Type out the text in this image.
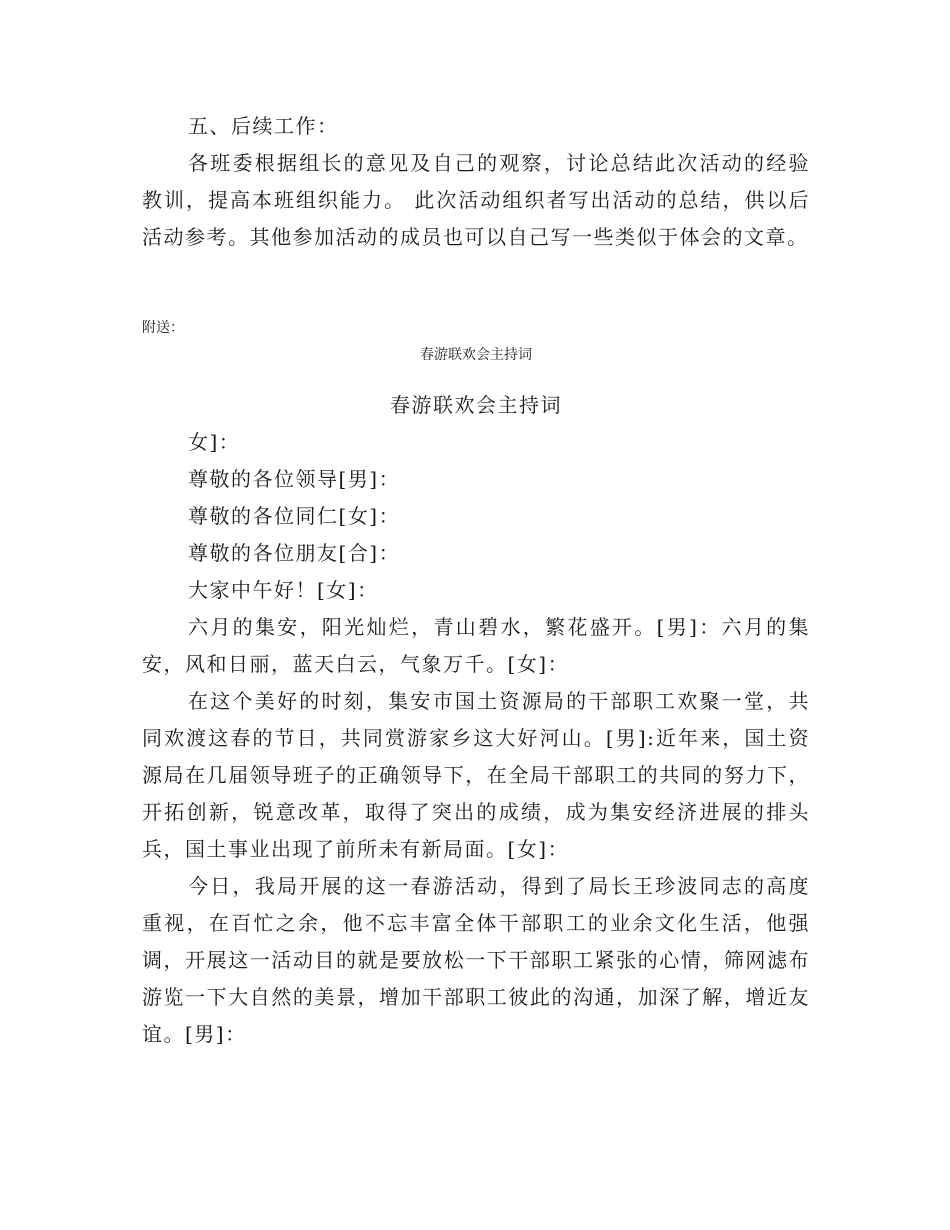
五、后续工作：

各班委根据组长的意见及自己的观察，讨论总结此次活动的经验教训，提高本班组织能力。 此次活动组织者写出活动的总结，供以后活动参考。其他参加活动的成员也可以自己写一些类似于体会的文章。

附送：

春游联欢会主持词

春游联欢会主持词

女]：

尊敬的各位领导[男]：

尊敬的各位同仁[女]：

尊敬的各位朋友[合]：

大家中午好！[女]：

六月的集安，阳光灿烂，青山碧水，繁花盛开。[男]：六月的集安，风和日丽，蓝天白云，气象万千。[女]：

在这个美好的时刻，集安市国土资源局的干部职工欢聚一堂，共同欢渡这春的节日，共同赏游家乡这大好河山。[男]:近年来，国土资源局在几届领导班子的正确领导下，在全局干部职工的共同的努力下，开拓创新，锐意改革，取得了突出的成绩，成为集安经济进展的排头兵，国土事业出现了前所未有新局面。[女]：

今日，我局开展的这一春游活动，得到了局长王珍波同志的高度重视，在百忙之余，他不忘丰富全体干部职工的业余文化生活，他强调，开展这一活动目的就是要放松一下干部职工紧张的心情，筛网滤布游览一下大自然的美景，增加干部职工彼此的沟通，加深了解，增近友谊。[男]：
